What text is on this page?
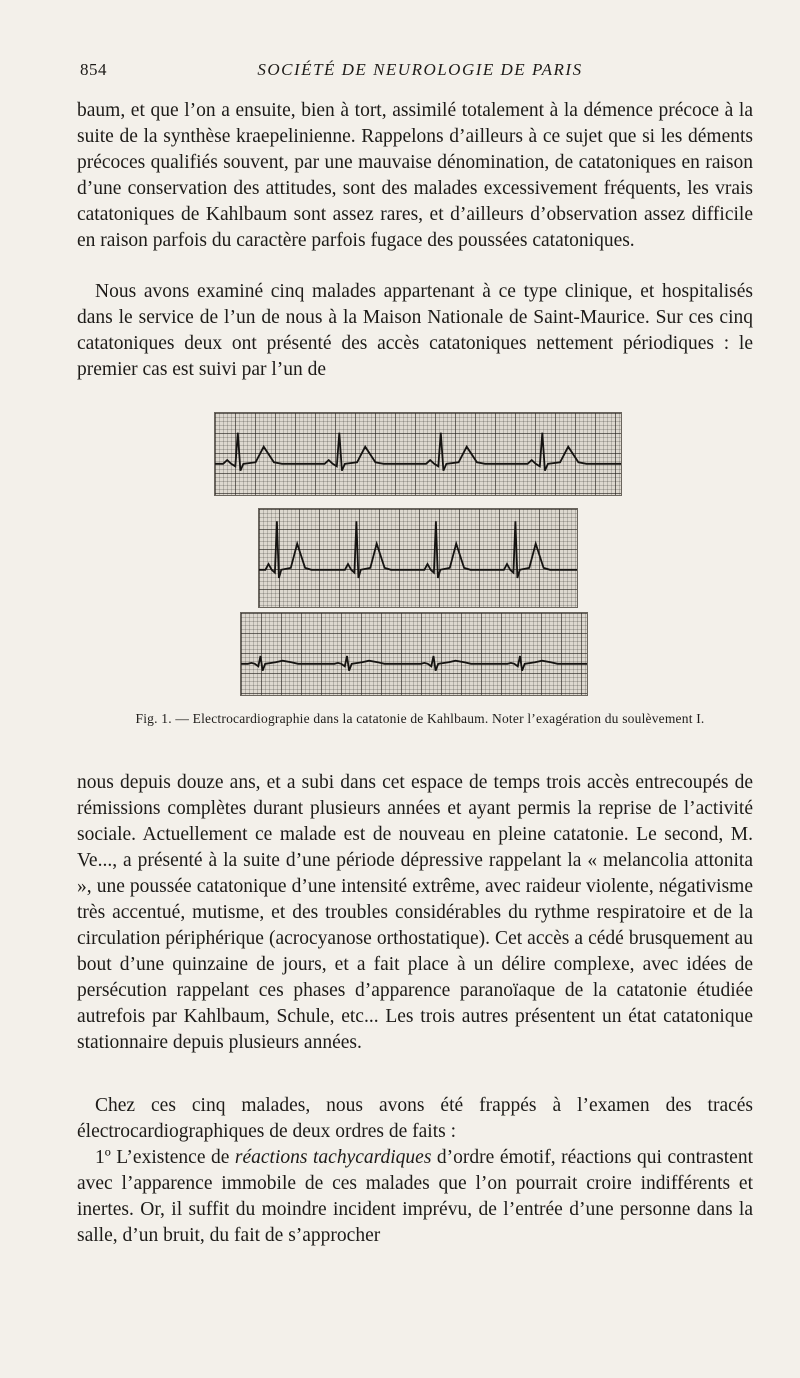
854	SOCIÉTÉ DE NEUROLOGIE DE PARIS

baum, et que l’on a ensuite, bien à tort, assimilé totalement à la démence précoce à la suite de la synthèse kraepelinienne. Rappelons d’ailleurs à ce sujet que si les déments précoces qualifiés souvent, par une mauvaise dénomination, de catatoniques en raison d’une conservation des attitudes, sont des malades excessivement fréquents, les vrais catatoniques de Kahlbaum sont assez rares, et d’ailleurs d’observation assez difficile en raison parfois du caractère parfois fugace des poussées catatoniques.

Nous avons examiné cinq malades appartenant à ce type clinique, et hospitalisés dans le service de l’un de nous à la Maison Nationale de Saint-Maurice. Sur ces cinq catatoniques deux ont présenté des accès catatoniques nettement périodiques : le premier cas est suivi par l’un de

Fig. 1. — Electrocardiographie dans la catatonie de Kahlbaum. Noter l’exagération du soulèvement I.

nous depuis douze ans, et a subi dans cet espace de temps trois accès entrecoupés de rémissions complètes durant plusieurs années et ayant permis la reprise de l’activité sociale. Actuellement ce malade est de nouveau en pleine catatonie. Le second, M. Ve..., a présenté à la suite d’une période dépressive rappelant la « melancolia attonita », une poussée catatonique d’une intensité extrême, avec raideur violente, négativisme très accentué, mutisme, et des troubles considérables du rythme respiratoire et de la circulation périphérique (acrocyanose orthostatique). Cet accès a cédé brusquement au bout d’une quinzaine de jours, et a fait place à un délire complexe, avec idées de persécution rappelant ces phases d’apparence paranoïaque de la catatonie étudiée autrefois par Kahlbaum, Schule, etc... Les trois autres présentent un état catatonique stationnaire depuis plusieurs années.

Chez ces cinq malades, nous avons été frappés à l’examen des tracés électrocardiographiques de deux ordres de faits :

1º L’existence de réactions tachycardiques d’ordre émotif, réactions qui contrastent avec l’apparence immobile de ces malades que l’on pourrait croire indifférents et inertes. Or, il suffit du moindre incident imprévu, de l’entrée d’une personne dans la salle, d’un bruit, du fait de s’approcher
